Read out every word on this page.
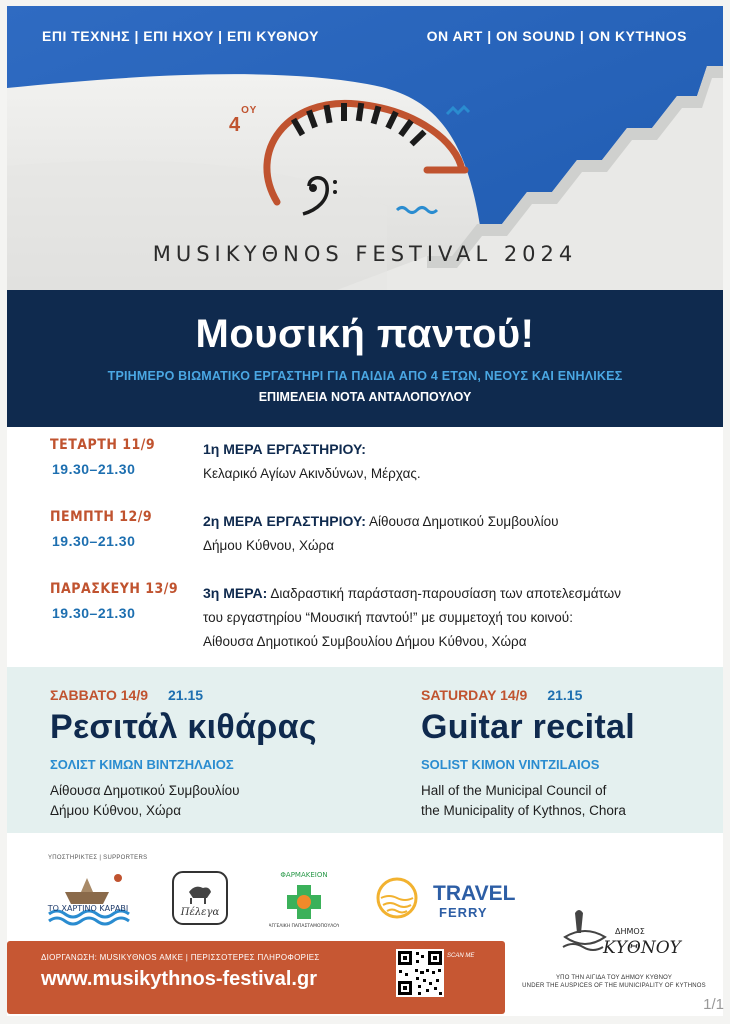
ΕΠΙ ΤΕΧΝΗΣ | ΕΠΙ ΗΧΟΥ | ΕΠΙ ΚΥΘΝΟΥ	ON ART | ON SOUND | ON KYTHNOS
$4^{O\Upsilon}$
MUSIKYΘΝΟS FESTIVAL 2024
Μουσική παντού!
ΤΡΙΗΜΕΡΟ ΒΙΩΜΑΤΙΚΟ ΕΡΓΑΣΤΗΡΙ ΓΙΑ ΠΑΙΔΙΑ ΑΠΟ 4 ΕΤΩΝ, ΝΕΟΥΣ ΚΑΙ ΕΝΗΛΙΚΕΣ
ΕΠΙΜΕΛΕΙΑ ΝΟΤΑ ΑΝΤΑΛΟΠΟΥΛΟΥ
ΤΕΤΑΡΤΗ 11/9
19.30–21.30
1η ΜΕΡΑ ΕΡΓΑΣΤΗΡΙΟΥ:
Κελαρικό Αγίων Ακινδύνων, Μέρχας.
ΠΕΜΠΤΗ 12/9
19.30–21.30
2η ΜΕΡΑ ΕΡΓΑΣΤΗΡΙΟΥ: Αίθουσα Δημοτικού Συμβουλίου
Δήμου Κύθνου, Χώρα
ΠΑΡΑΣΚΕΥΗ 13/9
19.30–21.30
3η ΜΕΡΑ: Διαδραστική παράσταση-παρουσίαση των αποτελεσμάτων
του εργαστηρίου “Μουσική παντού!” με συμμετοχή του κοινού:
Αίθουσα Δημοτικού Συμβουλίου Δήμου Κύθνου, Χώρα
ΣΑΒΒΑΤΟ 14/9 21.15
Ρεσιτάλ κιθάρας
ΣΟΛΙΣΤ ΚΙΜΩΝ ΒΙΝΤΖΗΛΑΙΟΣ
Αίθουσα Δημοτικού Συμβουλίου
Δήμου Κύθνου, Χώρα
SATURDAY 14/9 21.15
Guitar recital
SOLIST KIMON VINTZILAIOS
Hall of the Municipal Council of
the Municipality of Kythnos, Chora
ΥΠΟΣΤΗΡΙΚΤΕΣ | SUPPORTERS
ΤΟ ΧΑΡΤΙΝΟ ΚΑΡΑΒΙ	Πέλεγα
ΦΑΡΜΑΚΕΙΟΝ
ΑΓΓΕΛΙΚΗ ΠΑΠΑΣΤΑΜΟΠΟΥΛΟΥ
TRAVEL
FERRY
ΔΙΟΡΓΑΝΩΣΗ: MUSIKYΘΝΟS ΑΜΚΕ | ΠΕΡΙΣΣΟΤΕΡΕΣ ΠΛΗΡΟΦΟΡΙΕΣ
www.musikythnos-festival.gr
SCAN ME
ΔΗΜΟΣ
ΚΥΘΝΟΥ
ΥΠΟ ΤΗΝ ΑΙΓΙΔΑ ΤΟΥ ΔΗΜΟΥ ΚΥΘΝΟΥ
UNDER THE AUSPICES OF THE MUNICIPALITY OF KYTHNOS
1/1
